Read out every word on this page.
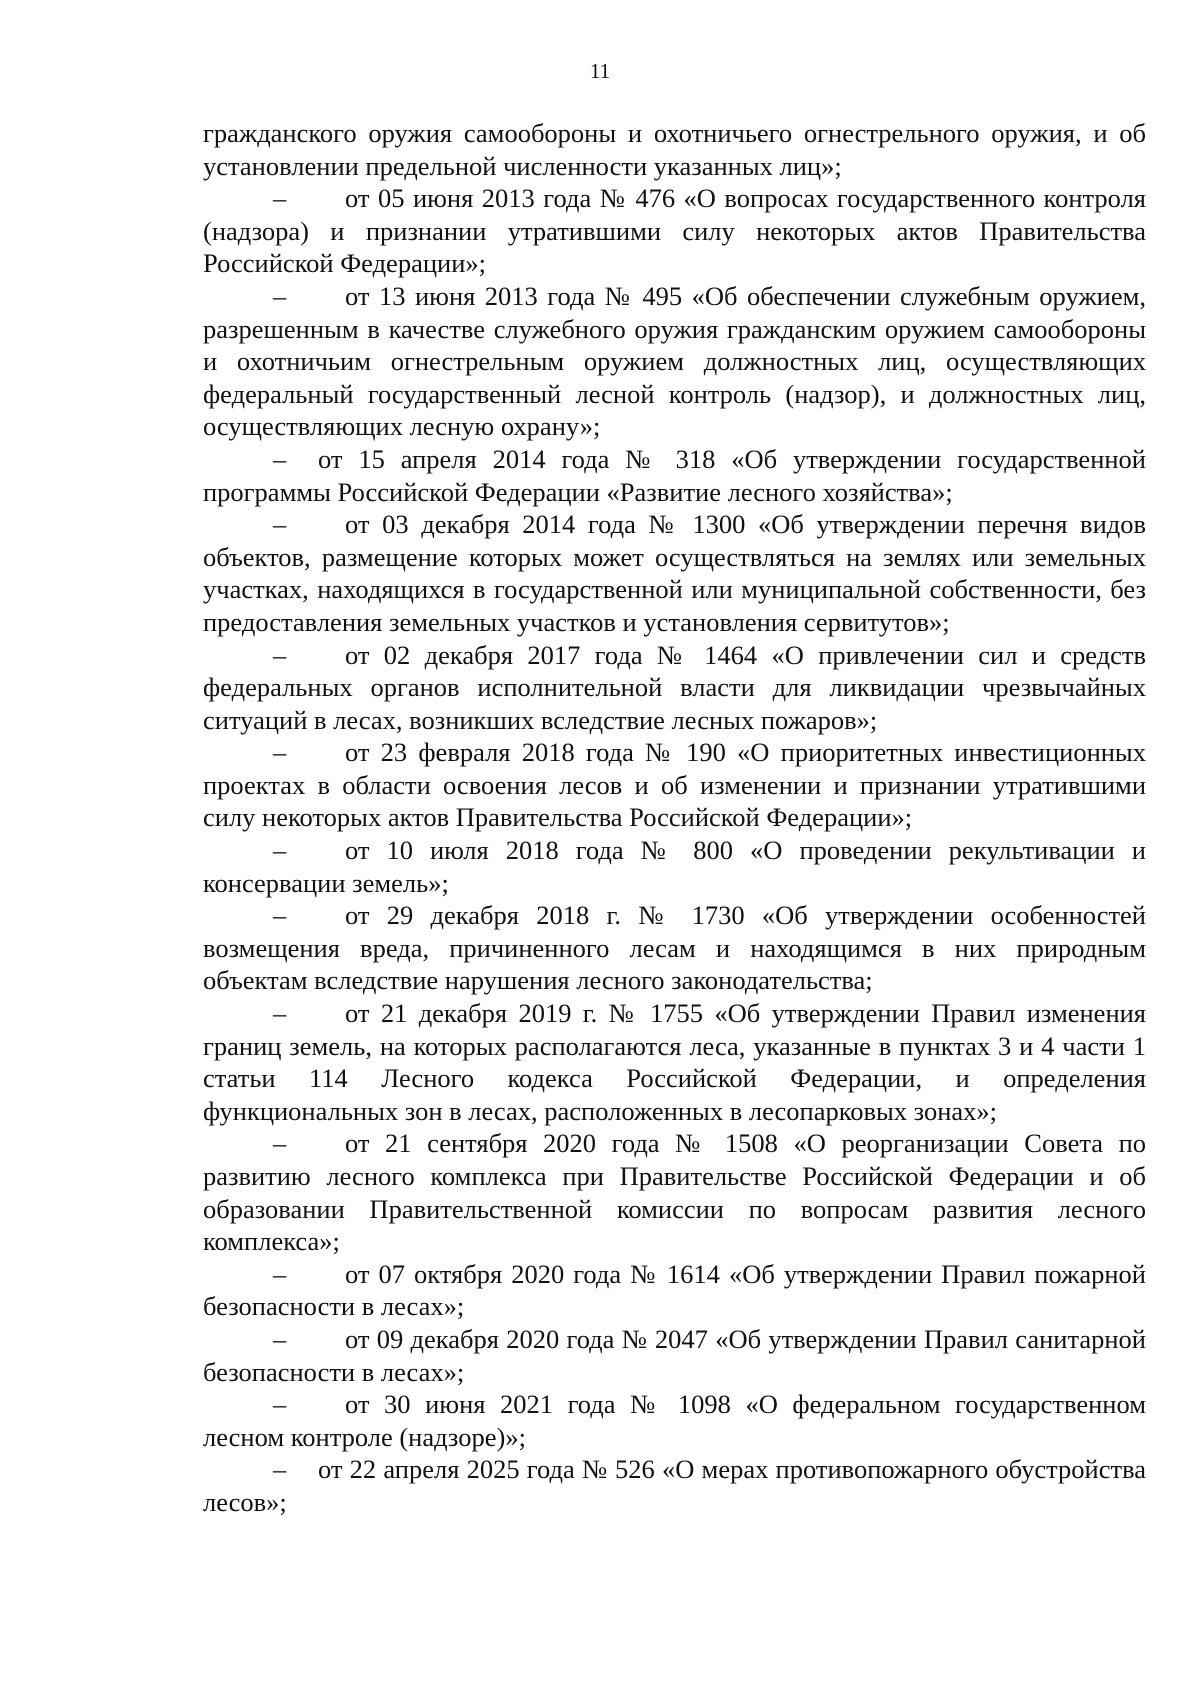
11

гражданского оружия самообороны и охотничьего огнестрельного оружия, и об установлении предельной численности указанных лиц»;

– от 05 июня 2013 года № 476 «О вопросах государственного контроля (надзора) и признании утратившими силу некоторых актов Правительства Российской Федерации»;

– от 13 июня 2013 года № 495 «Об обеспечении служебным оружием, разрешенным в качестве служебного оружия гражданским оружием самообороны и охотничьим огнестрельным оружием должностных лиц, осуществляющих федеральный государственный лесной контроль (надзор), и должностных лиц, осуществляющих лесную охрану»;

– от 15 апреля 2014 года № 318 «Об утверждении государственной программы Российской Федерации «Развитие лесного хозяйства»;

– от 03 декабря 2014 года № 1300 «Об утверждении перечня видов объектов, размещение которых может осуществляться на землях или земельных участках, находящихся в государственной или муниципальной собственности, без предоставления земельных участков и установления сервитутов»;

– от 02 декабря 2017 года № 1464 «О привлечении сил и средств федеральных органов исполнительной власти для ликвидации чрезвычайных ситуаций в лесах, возникших вследствие лесных пожаров»;

– от 23 февраля 2018 года № 190 «О приоритетных инвестиционных проектах в области освоения лесов и об изменении и признании утратившими силу некоторых актов Правительства Российской Федерации»;

– от 10 июля 2018 года № 800 «О проведении рекультивации и консервации земель»;

– от 29 декабря 2018 г. № 1730 «Об утверждении особенностей возмещения вреда, причиненного лесам и находящимся в них природным объектам вследствие нарушения лесного законодательства;

– от 21 декабря 2019 г. № 1755 «Об утверждении Правил изменения границ земель, на которых располагаются леса, указанные в пунктах 3 и 4 части 1 статьи 114 Лесного кодекса Российской Федерации, и определения функциональных зон в лесах, расположенных в лесопарковых зонах»;

– от 21 сентября 2020 года № 1508 «О реорганизации Совета по развитию лесного комплекса при Правительстве Российской Федерации и об образовании Правительственной комиссии по вопросам развития лесного комплекса»;

– от 07 октября 2020 года № 1614 «Об утверждении Правил пожарной безопасности в лесах»;

– от 09 декабря 2020 года № 2047 «Об утверждении Правил санитарной безопасности в лесах»;

– от 30 июня 2021 года № 1098 «О федеральном государственном лесном контроле (надзоре)»;

– от 22 апреля 2025 года № 526 «О мерах противопожарного обустройства лесов»;
